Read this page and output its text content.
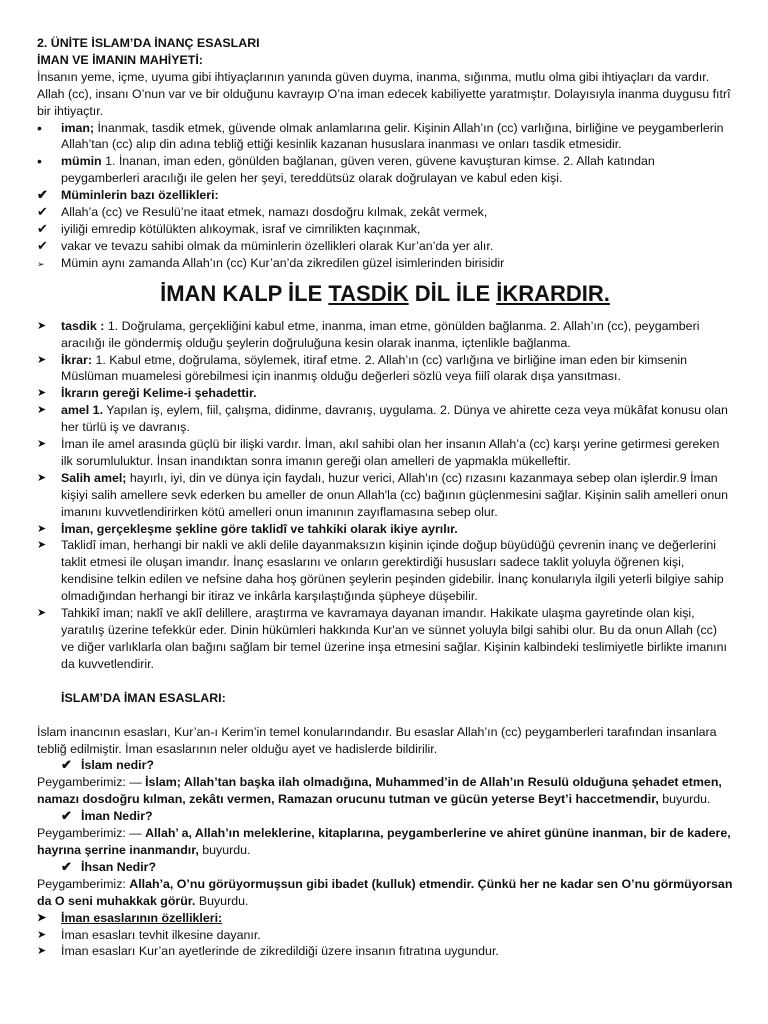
2. ÜNİTE İSLAM’DA İNANÇ ESASLARI

İMAN VE İMANIN MAHİYETİ:

İnsanın yeme, içme, uyuma gibi ihtiyaçlarının yanında güven duyma, inanma, sığınma, mutlu olma gibi ihtiyaçları da vardır. Allah (cc), insanı O’nun var ve bir olduğunu kavrayıp O’na iman edecek kabiliyette yaratmıştır. Dolayısıyla inanma duygusu fıtrî bir ihtiyaçtır.

•	iman; İnanmak, tasdik etmek, güvende olmak anlamlarına gelir. Kişinin Allah’ın (cc) varlığına, birliğine ve peygamberlerin Allah’tan (cc) alıp din adına tebliğ ettiği kesinlik kazanan hususlara inanması ve onları tasdik etmesidir.

•	mümin 1. İnanan, iman eden, gönülden bağlanan, güven veren, güvene kavuşturan kimse. 2. Allah katından peygamberleri aracılığı ile gelen her şeyi, tereddütsüz olarak doğrulayan ve kabul eden kişi.

✔	Müminlerin bazı özellikleri:

✔	Allah’a (cc) ve Resulü’ne itaat etmek, namazı dosdoğru kılmak, zekât vermek,

✔	iyiliği emredip kötülükten alıkoymak, israf ve cimrilikten kaçınmak,

✔	vakar ve tevazu sahibi olmak da müminlerin özellikleri olarak Kur’an’da yer alır.

➢	Mümin aynı zamanda Allah’ın (cc) Kur’an’da zikredilen güzel isimlerinden birisidir

İMAN KALP İLE TASDİK DİL İLE İKRARDIR.

➤	tasdik : 1. Doğrulama, gerçekliğini kabul etme, inanma, iman etme, gönülden bağlanma. 2. Allah’ın (cc), peygamberi aracılığı ile göndermiş olduğu şeylerin doğruluğuna kesin olarak inanma, içtenlikle bağlanma.

➤	İkrar: 1. Kabul etme, doğrulama, söylemek, itiraf etme. 2. Allah’ın (cc) varlığına ve birliğine iman eden bir kimsenin Müslüman muamelesi görebilmesi için inanmış olduğu değerleri sözlü veya fiilî olarak dışa yansıtması.

➤	İkrarın gereği Kelime-i şehadettir.

➤	amel 1. Yapılan iş, eylem, fiil, çalışma, didinme, davranış, uygulama. 2. Dünya ve ahirette ceza veya mükâfat konusu olan her türlü iş ve davranış.

➤	İman ile amel arasında güçlü bir ilişki vardır. İman, akıl sahibi olan her insanın Allah’a (cc) karşı yerine getirmesi gereken ilk sorumluluktur. İnsan inandıktan sonra imanın gereği olan amelleri de yapmakla mükelleftir.

➤	Salih amel; hayırlı, iyi, din ve dünya için faydalı, huzur verici, Allah'ın (cc) rızasını kazanmaya sebep olan işlerdir.9 İman kişiyi salih amellere sevk ederken bu ameller de onun Allah'la (cc) bağının güçlenmesini sağlar. Kişinin salih amelleri onun imanını kuvvetlendirirken kötü amelleri onun imanının zayıflamasına sebep olur.

➤	İman, gerçekleşme şekline göre taklidî ve tahkiki olarak ikiye ayrılır.

➤	Taklidî iman, herhangi bir nakli ve akli delile dayanmaksızın kişinin içinde doğup büyüdüğü çevrenin inanç ve değerlerini taklit etmesi ile oluşan imandır. İnanç esaslarını ve onların gerektirdiği hususları sadece taklit yoluyla öğrenen kişi, kendisine telkin edilen ve nefsine daha hoş görünen şeylerin peşinden gidebilir. İnanç konularıyla ilgili yeterli bilgiye sahip olmadığından herhangi bir itiraz ve inkârla karşılaştığında şüpheye düşebilir.

➤	Tahkikî iman; naklî ve aklî delillere, araştırma ve kavramaya dayanan imandır. Hakikate ulaşma gayretinde olan kişi, yaratılış üzerine tefekkür eder. Dinin hükümleri hakkında Kur'an ve sünnet yoluyla bilgi sahibi olur. Bu da onun Allah (cc) ve diğer varlıklarla olan bağını sağlam bir temel üzerine inşa etmesini sağlar. Kişinin kalbindeki teslimiyetle birlikte imanını da kuvvetlendirir.

İSLAM’DA İMAN ESASLARI:

İslam inancının esasları, Kur’an-ı Kerim’in temel konularındandır. Bu esaslar Allah’ın (cc) peygamberleri tarafından insanlara tebliğ edilmiştir. İman esaslarının neler olduğu ayet ve hadislerde bildirilir.

✔ İslam nedir?

Peygamberimiz: — İslam; Allah’tan başka ilah olmadığına, Muhammed’in de Allah’ın Resulü olduğuna şehadet etmen, namazı dosdoğru kılman, zekâtı vermen, Ramazan orucunu tutman ve gücün yeterse Beyt’i haccetmendir, buyurdu.

✔ İman Nedir?

Peygamberimiz: — Allah’ a, Allah’ın meleklerine, kitaplarına, peygamberlerine ve ahiret gününe inanman, bir de kadere, hayrına şerrine inanmandır, buyurdu.

✔ İhsan Nedir?

Peygamberimiz: Allah’a, O’nu görüyormuşsun gibi ibadet (kulluk) etmendir. Çünkü her ne kadar sen O’nu görmüyorsan da O seni muhakkak görür. Buyurdu.

➤	İman esaslarının özellikleri:

➤	İman esasları tevhit ilkesine dayanır.

➤	İman esasları Kur’an ayetlerinde de zikredildiği üzere insanın fıtratına uygundur.
